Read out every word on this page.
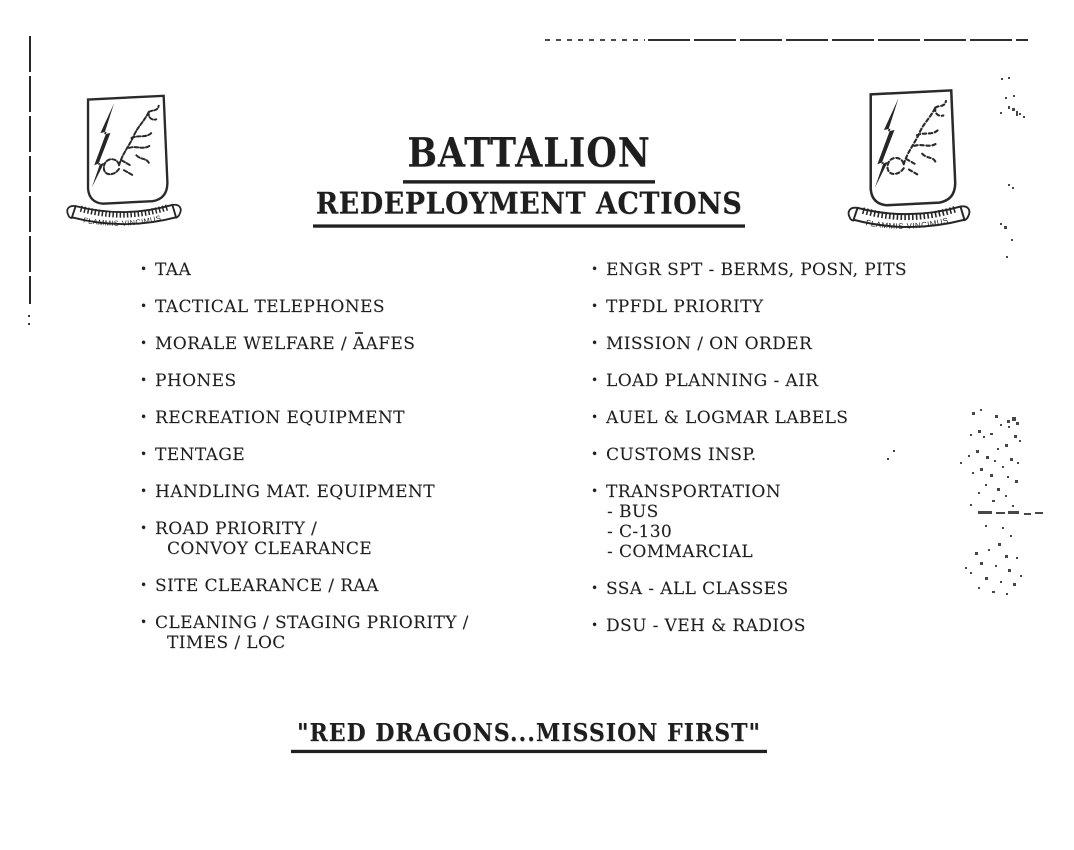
FLAMMIS VINCIMUS	FLAMMIS VINCIMUS
BATTALION
REDEPLOYMENT ACTIONS
• TAA
• TACTICAL TELEPHONES
• MORALE WELFARE / AAFES
• PHONES
• RECREATION EQUIPMENT
• TENTAGE
• HANDLING MAT. EQUIPMENT
• ROAD PRIORITY /
CONVOY CLEARANCE
• SITE CLEARANCE / RAA
• CLEANING / STAGING PRIORITY /
TIMES / LOC
• ENGR SPT - BERMS, POSN, PITS
• TPFDL PRIORITY
• MISSION / ON ORDER
• LOAD PLANNING - AIR
• AUEL & LOGMAR LABELS
• CUSTOMS INSP.
• TRANSPORTATION
- BUS
- C-130
- COMMARCIAL
• SSA - ALL CLASSES
• DSU - VEH & RADIOS
"RED DRAGONS...MISSION FIRST"
